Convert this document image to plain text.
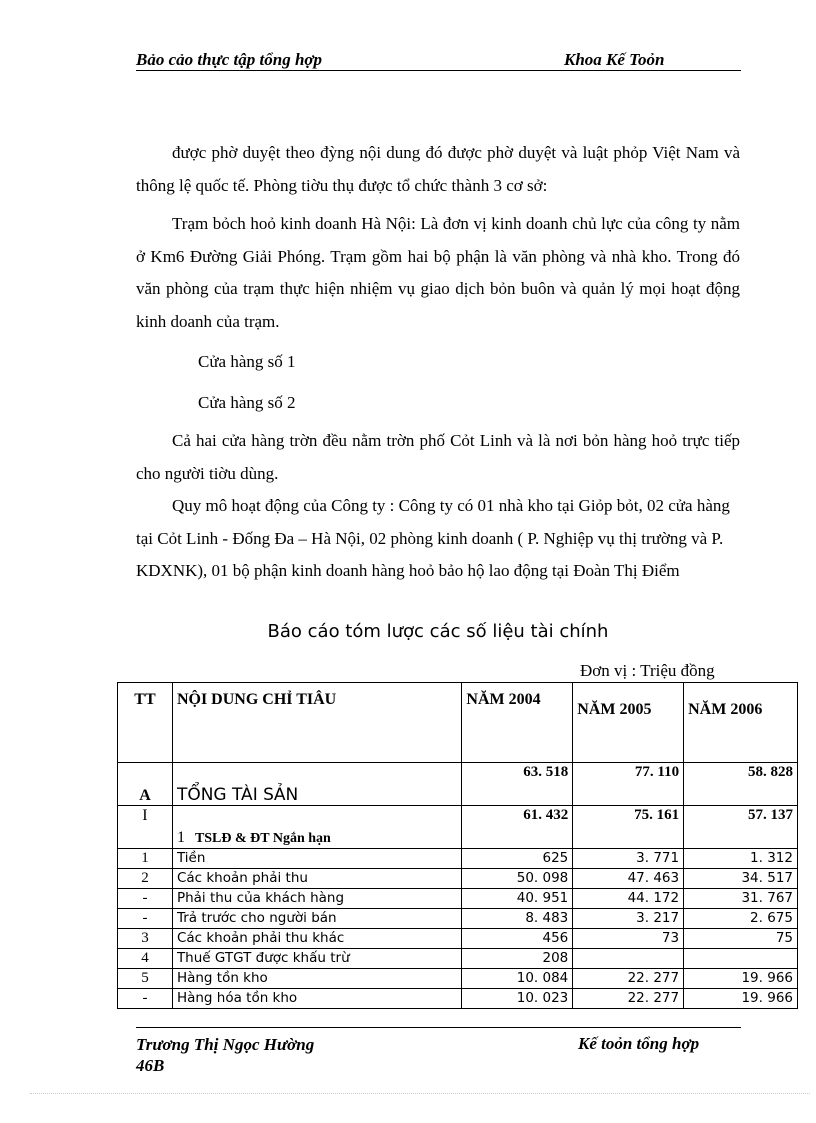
Bảo cảo thực tập tổng hợp	Khoa Kế Toỏn

được phờ duyệt theo đỳng nội dung đó được phờ duyệt và luật phỏp Việt Nam và thông lệ quốc tế. Phòng tiờu thụ được tổ chức thành 3 cơ sở:

Trạm bỏch hoỏ kinh doanh Hà Nội: Là đơn vị kinh doanh chủ lực của công ty nằm ở Km6 Đường Giải Phóng. Trạm gồm hai bộ phận là văn phòng và nhà kho. Trong đó văn phòng của trạm thực hiện nhiệm vụ giao dịch bỏn buôn và quản lý mọi hoạt động kinh doanh của trạm.

Cửa hàng số 1
Cửa hàng số 2

Cả hai cửa hàng trờn đều nằm trờn phố Cỏt Linh và là nơi bỏn hàng hoỏ trực tiếp cho người tiờu dùng.

Quy mô hoạt động của Công ty : Công ty có 01 nhà kho tại Giỏp bỏt, 02 cửa hàng tại Cỏt Linh - Đống Đa – Hà Nội, 02 phòng kinh doanh ( P. Nghiệp vụ thị trường và P. KDXNK), 01 bộ phận kinh doanh hàng hoỏ bảo hộ lao động tại Đoàn Thị Điểm

Báo cáo tóm lược các số liệu tài chính
Đơn vị : Triệu đồng
TT	NỘI DUNG CHỈ TIÂU	NĂM 2004	NĂM 2005	NĂM 2006
A	TỔNG TÀI SẢN	63. 518	77. 110	58. 828
I	1 TSLĐ & ĐT Ngắn hạn	61. 432	75. 161	57. 137
1	Tiền	625	3. 771	1. 312
2	Các khoản phải thu	50. 098	47. 463	34. 517
-	Phải thu của khách hàng	40. 951	44. 172	31. 767
-	Trả trước cho người bán	8. 483	3. 217	2. 675
3	Các khoản phải thu khác	456	73	75
4	Thuế GTGT được khấu trừ	208		
5	Hàng tồn kho	10. 084	22. 277	19. 966
-	Hàng hóa tồn kho	10. 023	22. 277	19. 966
Trương Thị Ngọc Hường
46B
Kế toỏn tổng hợp
